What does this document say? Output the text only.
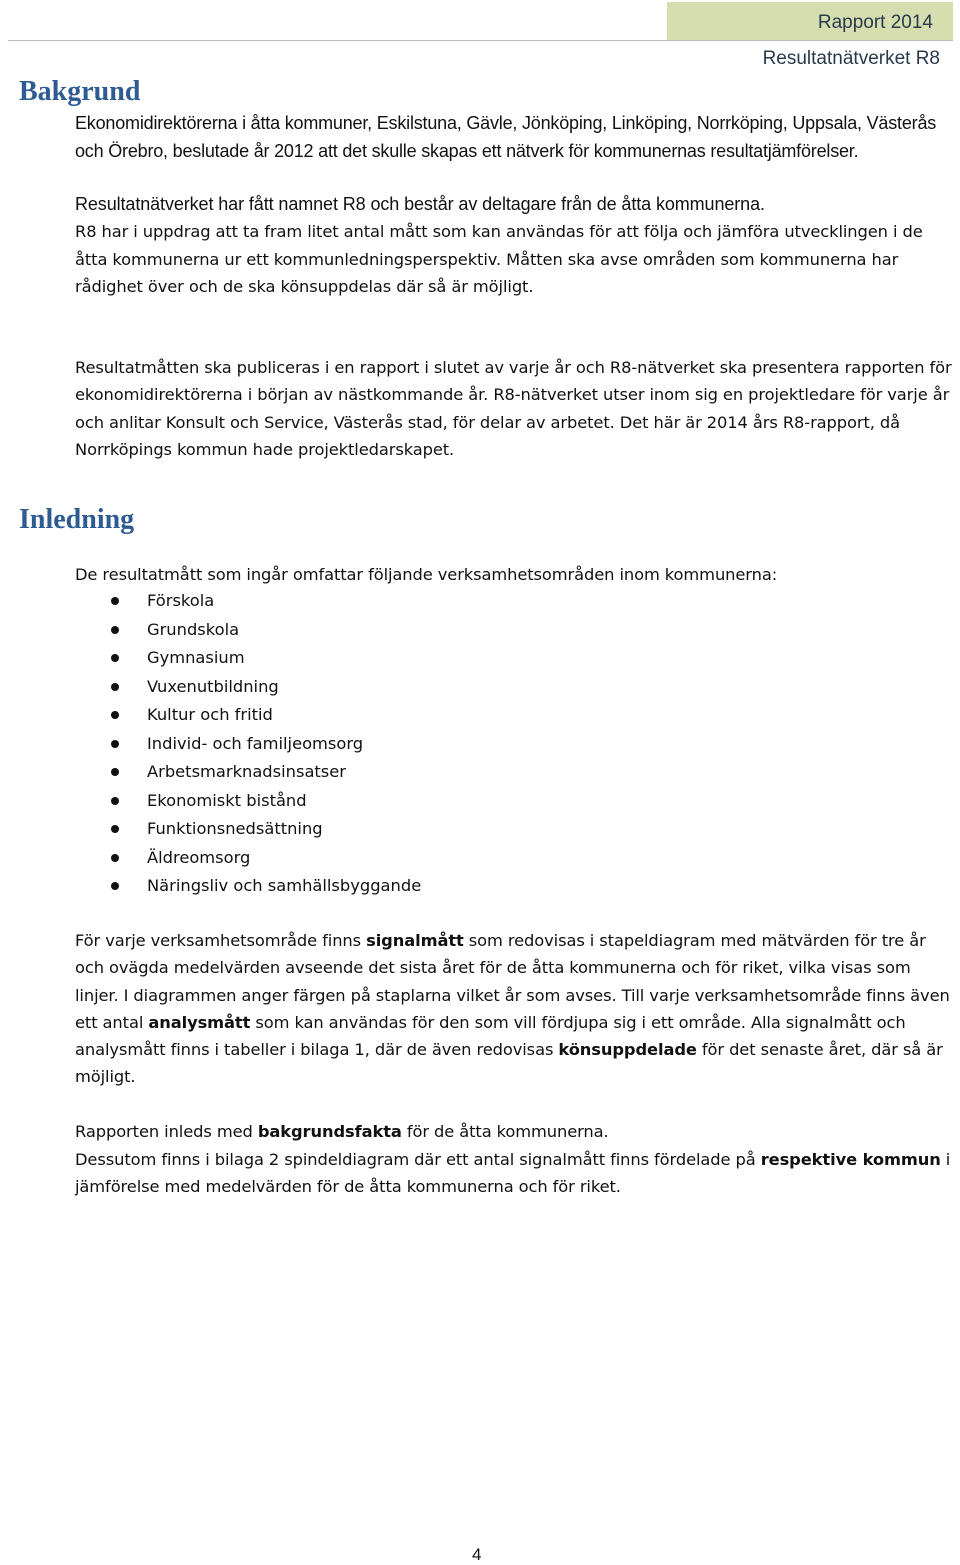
Rapport 2014
Resultatnätverket R8
Bakgrund

Ekonomidirektörerna i åtta kommuner, Eskilstuna, Gävle, Jönköping, Linköping, Norrköping, Uppsala, Västerås och Örebro, beslutade år 2012 att det skulle skapas ett nätverk för kommunernas resultatjämförelser.

Resultatnätverket har fått namnet R8 och består av deltagare från de åtta kommunerna.
R8 har i uppdrag att ta fram litet antal mått som kan användas för att följa och jämföra utvecklingen i de åtta kommunerna ur ett kommunledningsperspektiv. Måtten ska avse områden som kommunerna har rådighet över och de ska könsuppdelas där så är möjligt.

Resultatmåtten ska publiceras i en rapport i slutet av varje år och R8-nätverket ska presentera rapporten för ekonomidirektörerna i början av nästkommande år. R8-nätverket utser inom sig en projektledare för varje år och anlitar Konsult och Service, Västerås stad, för delar av arbetet. Det här är 2014 års R8-rapport, då Norrköpings kommun hade projektledarskapet.

Inledning

De resultatmått som ingår omfattar följande verksamhetsområden inom kommunerna:

Förskola
Grundskola
Gymnasium
Vuxenutbildning
Kultur och fritid
Individ- och familjeomsorg
Arbetsmarknadsinsatser
Ekonomiskt bistånd
Funktionsnedsättning
Äldreomsorg
Näringsliv och samhällsbyggande

För varje verksamhetsområde finns signalmått som redovisas i stapeldiagram med mätvärden för tre år och ovägda medelvärden avseende det sista året för de åtta kommunerna och för riket, vilka visas som linjer. I diagrammen anger färgen på staplarna vilket år som avses. Till varje verksamhetsområde finns även ett antal analysmått som kan användas för den som vill fördjupa sig i ett område. Alla signalmått och analysmått finns i tabeller i bilaga 1, där de även redovisas könsuppdelade för det senaste året, där så är möjligt.

Rapporten inleds med bakgrundsfakta för de åtta kommunerna.

Dessutom finns i bilaga 2 spindeldiagram där ett antal signalmått finns fördelade på respektive kommun i jämförelse med medelvärden för de åtta kommunerna och för riket.

4
